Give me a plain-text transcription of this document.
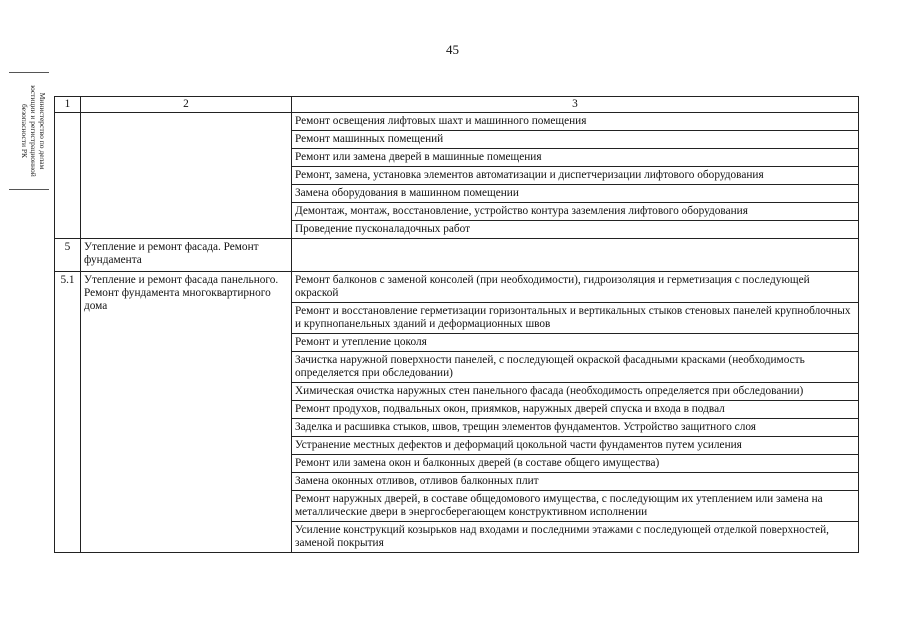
45
Министерство по делам
юстиции и регистрационной
безопасности РК	1	2	3
		Ремонт освещения лифтовых шахт и машинного помещения
		Ремонт машинных помещений
		Ремонт или замена дверей в машинные помещения
		Ремонт, замена, установка элементов автоматизации и диспетчеризации лифтового оборудования
		Замена оборудования в машинном помещении
		Демонтаж, монтаж, восстановление, устройство контура заземления лифтового оборудования
		Проведение пусконаладочных работ
5	Утепление и ремонт фасада. Ремонт фундамента	
5.1	Утепление и ремонт фасада панельного. Ремонт фундамента многоквартирного дома	Ремонт балконов с заменой консолей (при необходимости), гидроизоляция и герметизация с последующей окраской
		Ремонт и восстановление герметизации горизонтальных и вертикальных стыков стеновых панелей крупноблочных и крупнопанельных зданий и деформационных швов
		Ремонт и утепление цоколя
		Зачистка наружной поверхности панелей, с последующей окраской фасадными красками (необходимость определяется при обследовании)
		Химическая очистка наружных стен панельного фасада (необходимость определяется при обследовании)
		Ремонт продухов, подвальных окон, приямков, наружных дверей спуска и входа в подвал
		Заделка и расшивка стыков, швов, трещин элементов фундаментов. Устройство защитного слоя
		Устранение местных дефектов и деформаций цокольной части фундаментов путем усиления
		Ремонт или замена окон и балконных дверей (в составе общего имущества)
		Замена оконных отливов, отливов балконных плит
		Ремонт наружных дверей, в составе общедомового имущества, с последующим их утеплением или замена на металлические двери в энергосберегающем конструктивном исполнении
		Усиление конструкций козырьков над входами и последними этажами с последующей отделкой поверхностей, заменой покрытия
